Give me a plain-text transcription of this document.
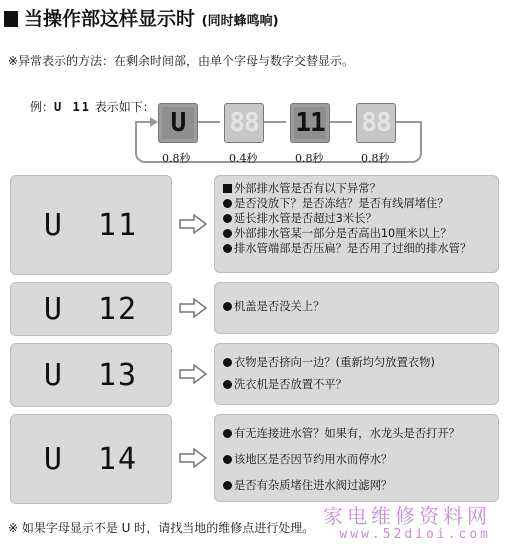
当操作部这样显示时 (同时蜂鸣响)
※异常表示的方法：在剩余时间部，由单个字母与数字交替显示。
例：U 11 表示如下：
U 88 11 88
0.8秒	0.4秒	0.8秒	0.8秒
U 11
外部排水管是否有以下异常？
是否没放下？是否冻结？是否有线屑堵住？
延长排水管是否超过3米长？
外部排水管某一部分是否高出10厘米以上？
排水管端部是否压扁？是否用了过细的排水管？
U 12	机盖是否没关上？
U 13	衣物是否挤向一边？(重新均匀放置衣物)
洗衣机是否放置不平？
U 14
有无连接进水管？如果有，水龙头是否打开？
该地区是否因节约用水而停水？
是否有杂质堵住进水阀过滤网？
家电维修资料网
www.52dioi.com
※ 如果字母显示不是 U 时，请找当地的维修点进行处理。
